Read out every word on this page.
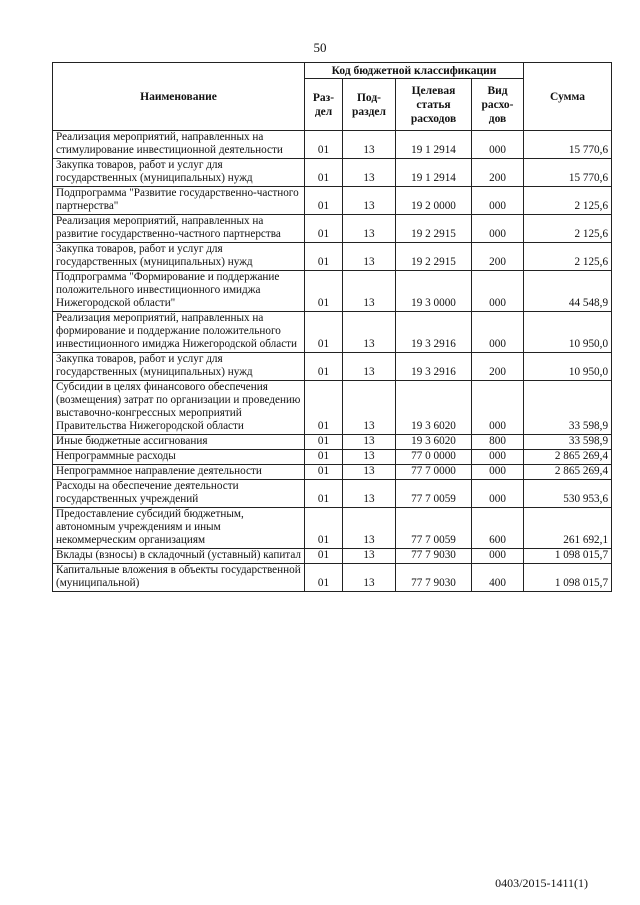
50
Наименование	Код бюджетной классификации				Сумма
	Раз-дел	Под-раздел	Целевая статья расходов	Вид расхо-дов	
Реализация мероприятий, направленных на стимулирование инвестиционной деятельности	01	13	19 1 2914	000	15 770,6
Закупка товаров, работ и услуг для государственных (муниципальных) нужд	01	13	19 1 2914	200	15 770,6
Подпрограмма "Развитие государственно-частного партнерства"	01	13	19 2 0000	000	2 125,6
Реализация мероприятий, направленных на развитие государственно-частного партнерства	01	13	19 2 2915	000	2 125,6
Закупка товаров, работ и услуг для государственных (муниципальных) нужд	01	13	19 2 2915	200	2 125,6
Подпрограмма "Формирование и поддержание положительного инвестиционного имиджа Нижегородской области"	01	13	19 3 0000	000	44 548,9
Реализация мероприятий, направленных на формирование и поддержание положительного инвестиционного имиджа Нижегородской области	01	13	19 3 2916	000	10 950,0
Закупка товаров, работ и услуг для государственных (муниципальных) нужд	01	13	19 3 2916	200	10 950,0
Субсидии в целях финансового обеспечения (возмещения) затрат по организации и проведению выставочно-конгрессных мероприятий Правительства Нижегородской области	01	13	19 3 6020	000	33 598,9
Иные бюджетные ассигнования	01	13	19 3 6020	800	33 598,9
Непрограммные расходы	01	13	77 0 0000	000	2 865 269,4
Непрограммное направление деятельности	01	13	77 7 0000	000	2 865 269,4
Расходы на обеспечение деятельности государственных учреждений	01	13	77 7 0059	000	530 953,6
Предоставление субсидий бюджетным, автономным учреждениям и иным некоммерческим организациям	01	13	77 7 0059	600	261 692,1
Вклады (взносы) в складочный (уставный) капитал	01	13	77 7 9030	000	1 098 015,7
Капитальные вложения в объекты государственной (муниципальной)	01	13	77 7 9030	400	1 098 015,7
0403/2015-1411(1)
